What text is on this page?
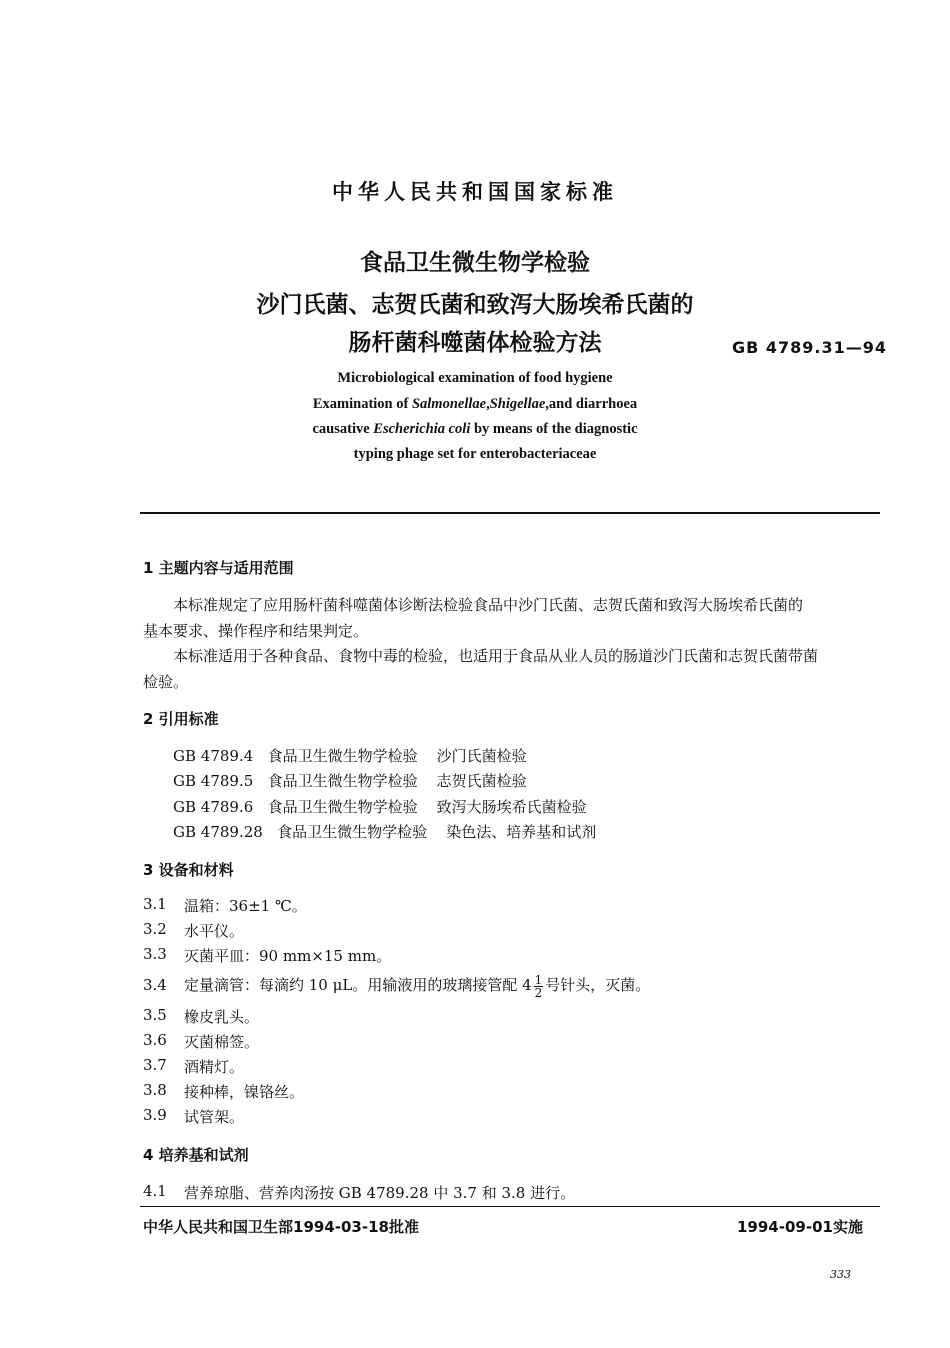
中华人民共和国国家标准
食品卫生微生物学检验
沙门氏菌、志贺氏菌和致泻大肠埃希氏菌的
肠杆菌科噬菌体检验方法	GB 4789.31—94
Microbiological examination of food hygiene
Examination of Salmonellae,Shigellae,and diarrhoea
causative Escherichia coli by means of the diagnostic
typing phage set for enterobacteriaceae
1 主题内容与适用范围
本标准规定了应用肠杆菌科噬菌体诊断法检验食品中沙门氏菌、志贺氏菌和致泻大肠埃希氏菌的
基本要求、操作程序和结果判定。
本标准适用于各种食品、食物中毒的检验，也适用于食品从业人员的肠道沙门氏菌和志贺氏菌带菌
检验。
2 引用标准
GB 4789.4 食品卫生微生物学检验 沙门氏菌检验
GB 4789.5 食品卫生微生物学检验 志贺氏菌检验
GB 4789.6 食品卫生微生物学检验 致泻大肠埃希氏菌检验
GB 4789.28 食品卫生微生物学检验 染色法、培养基和试剂
3 设备和材料
3.1 温箱：36±1 ℃。
3.2 水平仪。
3.3 灭菌平皿：90 mm×15 mm。
3.4 定量滴管：每滴约 10 μL。用输液用的玻璃接管配 $4 \frac{1}{2}$ 号针头，灭菌。
3.5 橡皮乳头。
3.6 灭菌棉签。
3.7 酒精灯。
3.8 接种棒，镍铬丝。
3.9 试管架。
4 培养基和试剂
4.1 营养琼脂、营养肉汤按 GB 4789.28 中 3.7 和 3.8 进行。
中华人民共和国卫生部1994-03-18批准	1994-09-01实施
333
